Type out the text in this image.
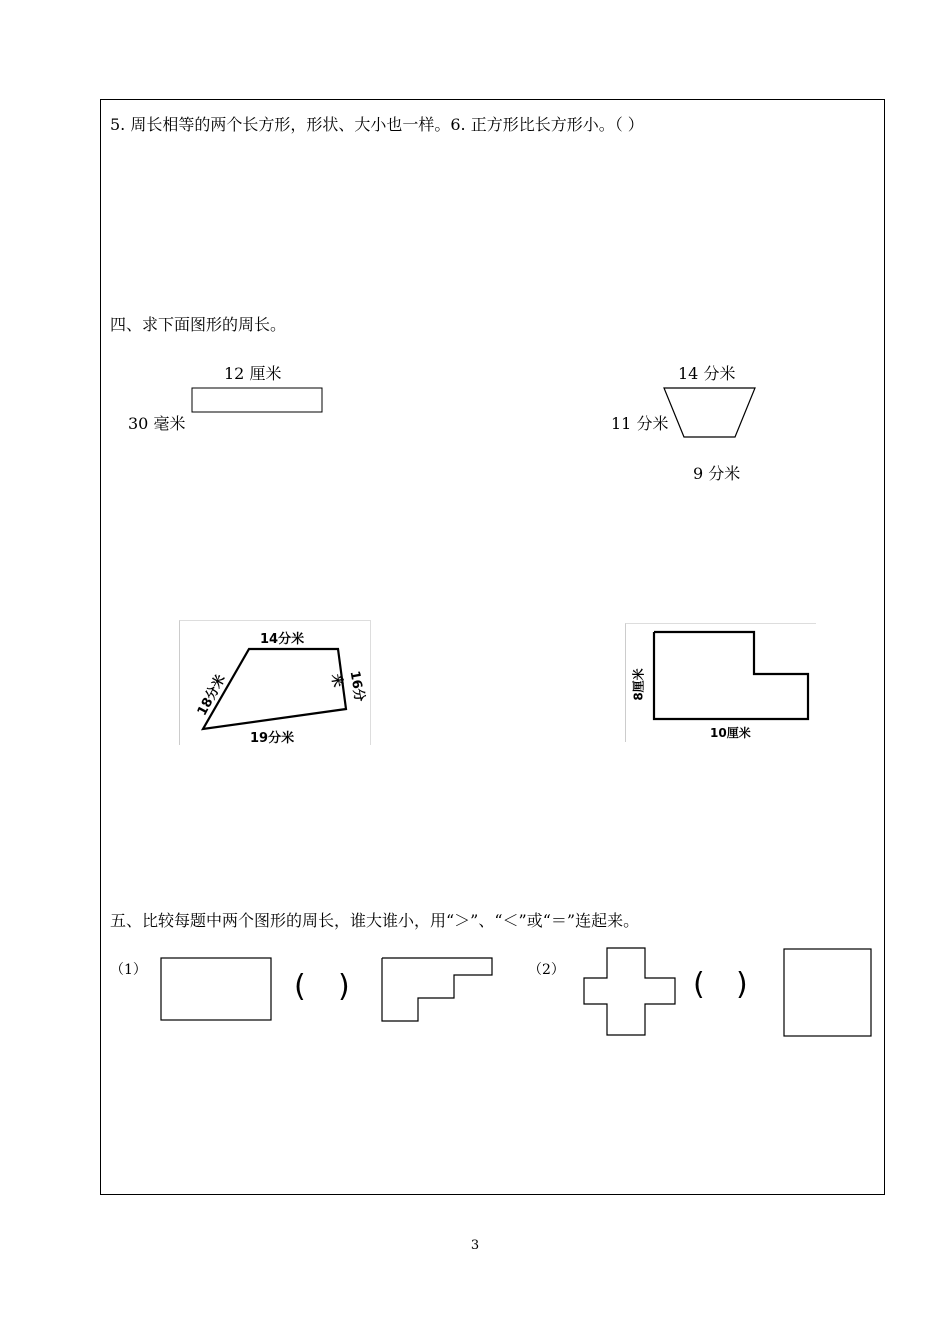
5. 周长相等的两个长方形，形状、大小也一样。6. 正方形比长方形小。（ ）
四、求下面图形的周长。
12 厘米
30 毫米
14 分米
11 分米
9 分米
14分米
18分米	16分米
19分米
8厘米
10厘米
五、比较每题中两个图形的周长，谁大谁小，用“＞”、“＜”或“＝”连起来。
（1）	（2）
( )	( )
3
